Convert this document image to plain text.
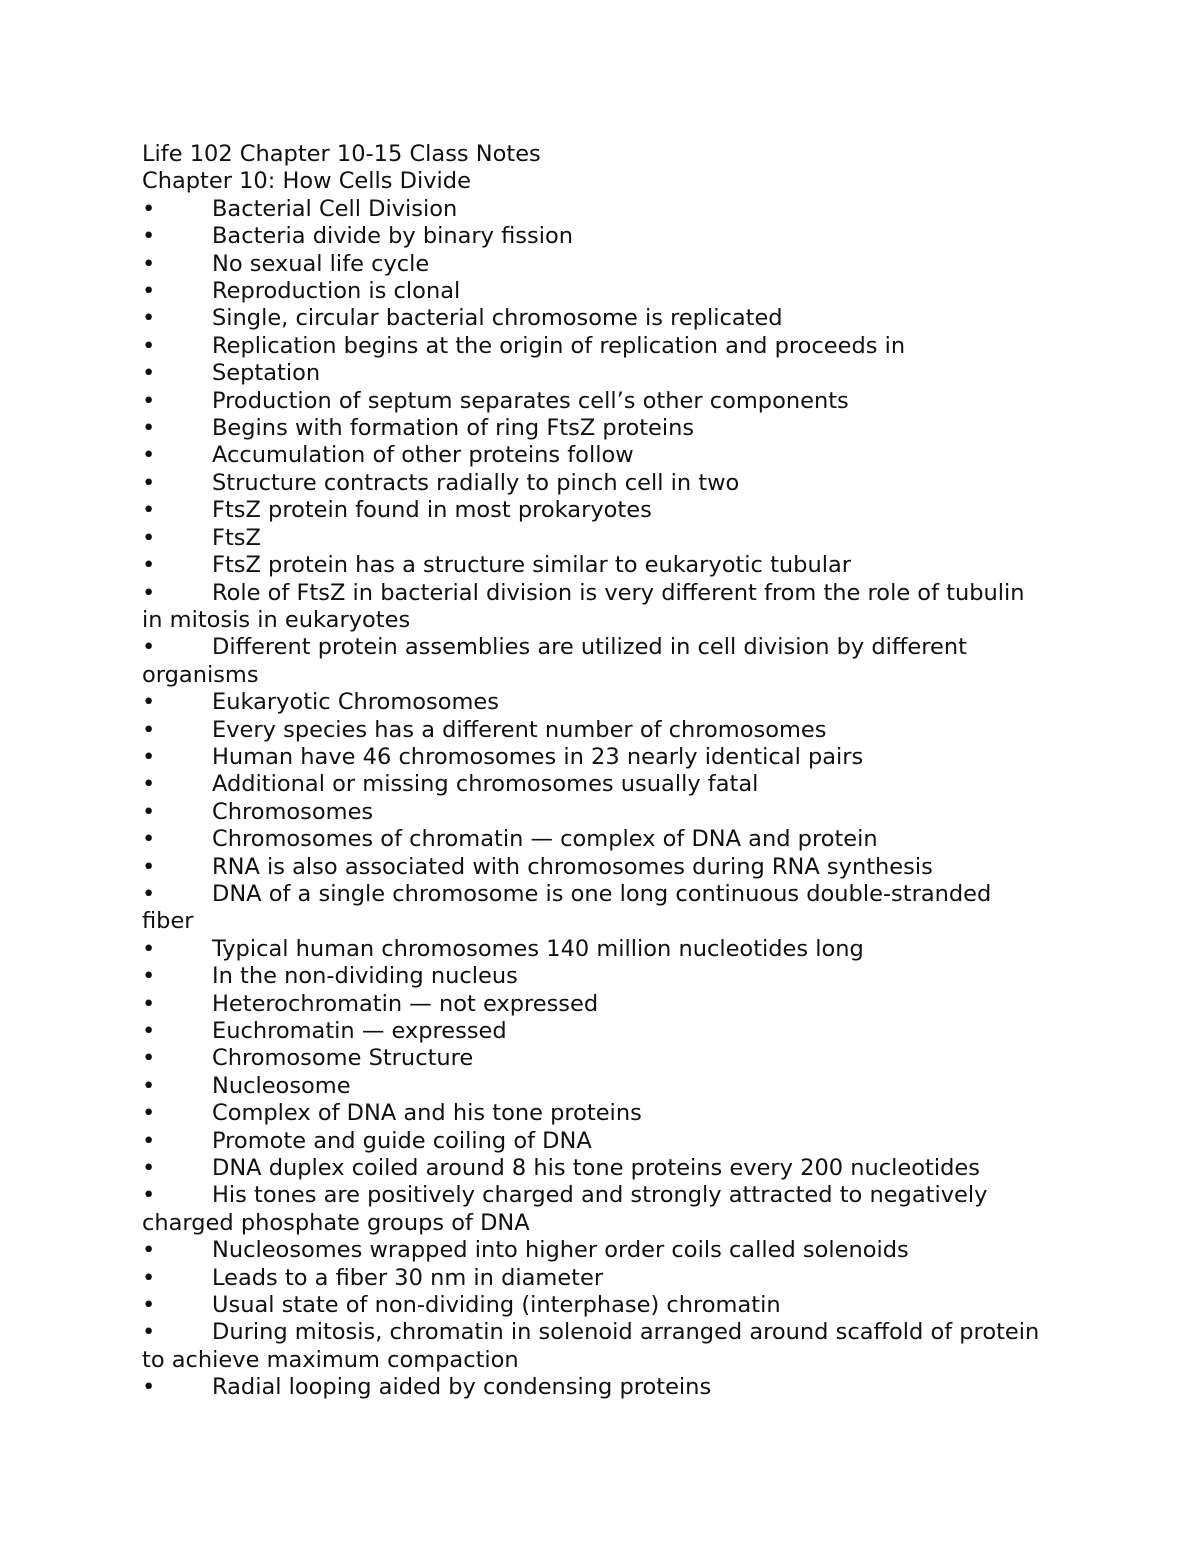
Life 102 Chapter 10-15 Class Notes
Chapter 10: How Cells Divide
•	Bacterial Cell Division
•	Bacteria divide by binary fission
•	No sexual life cycle
•	Reproduction is clonal
•	Single, circular bacterial chromosome is replicated
•	Replication begins at the origin of replication and proceeds in
•	Septation
•	Production of septum separates cell’s other components
•	Begins with formation of ring FtsZ proteins
•	Accumulation of other proteins follow
•	Structure contracts radially to pinch cell in two
•	FtsZ protein found in most prokaryotes
•	FtsZ
•	FtsZ protein has a structure similar to eukaryotic tubular
•	Role of FtsZ in bacterial division is very different from the role of tubulin in mitosis in eukaryotes
•	Different protein assemblies are utilized in cell division by different organisms
•	Eukaryotic Chromosomes
•	Every species has a different number of chromosomes
•	Human have 46 chromosomes in 23 nearly identical pairs
•	Additional or missing chromosomes usually fatal
•	Chromosomes
•	Chromosomes of chromatin — complex of DNA and protein
•	RNA is also associated with chromosomes during RNA synthesis
•	DNA of a single chromosome is one long continuous double-stranded fiber
•	Typical human chromosomes 140 million nucleotides long
•	In the non-dividing nucleus
•	Heterochromatin — not expressed
•	Euchromatin — expressed
•	Chromosome Structure
•	Nucleosome
•	Complex of DNA and his tone proteins
•	Promote and guide coiling of DNA
•	DNA duplex coiled around 8 his tone proteins every 200 nucleotides
•	His tones are positively charged and strongly attracted to negatively charged phosphate groups of DNA
•	Nucleosomes wrapped into higher order coils called solenoids
•	Leads to a fiber 30 nm in diameter
•	Usual state of non-dividing (interphase) chromatin
•	During mitosis, chromatin in solenoid arranged around scaffold of protein to achieve maximum compaction
•	Radial looping aided by condensing proteins
